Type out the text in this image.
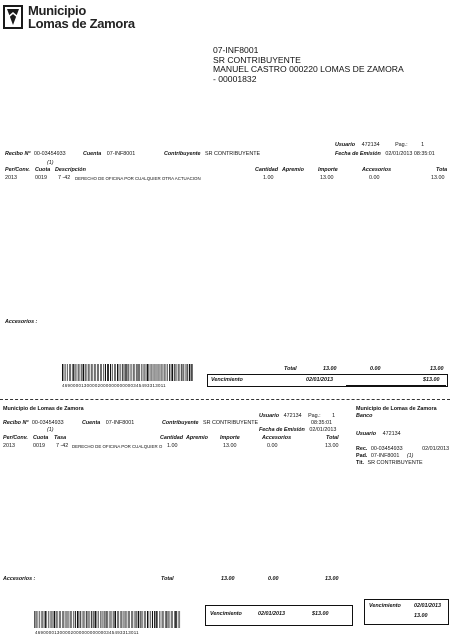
Municipio
Lomas de Zamora
07-INF8001
SR CONTRIBUYENTE
MANUEL CASTRO 000220 LOMAS DE ZAMORA
- 00001832
Usuario 472134	Pag.:	1
Fecha de Emisión 02/01/2013 08:35:01
Recibo Nº 00-03454933	Cuenta 07-INF8001	Contribuyente SR CONTRIBUYENTE
(1)
Per/Conv. Cuota Descripción	Cantidad Apremio	Importe	Accesorios	Tota
2013	0019 7 -42 DERECHO DE OFICINA POR CUALQUIER OTRA ACTUACION	1.00	13.00	0.00	13.00
Accesorios :
Total	13.00	0.00	13.00
46900001300002000000000000345493313011
Vencimiento	02/01/2013	$13.00
Municipio de Lomas de Zamora
Usuario 472134 Pag.: 1
Recibo Nº 00-03454933	Cuenta 07-INF8001	Contribuyente SR CONTRIBUYENTE	08:35:01
Fecha de Emisión 02/01/2013
(1)
Per/Conv. Cuota Tasa	Cantidad Apremio Importe	Accesorios	Total
2013	0019 7 -42 DERECHO DE OFICINA POR CUALQUIER O 1.00	13.00	0.00	13.00
Municipio de Lomas de Zamora
Banco
Usuario 472134
Rec. 00-03454933	02/01/2013
Pad. 07-INF8001 (1)
Tit. SR CONTRIBUYENTE
Accesorios :	Total	13.00	0.00	13.00
46900001300002000000000000345493313011
Vencimiento	02/01/2013	$13.00
Vencimiento 02/01/2013
13.00
